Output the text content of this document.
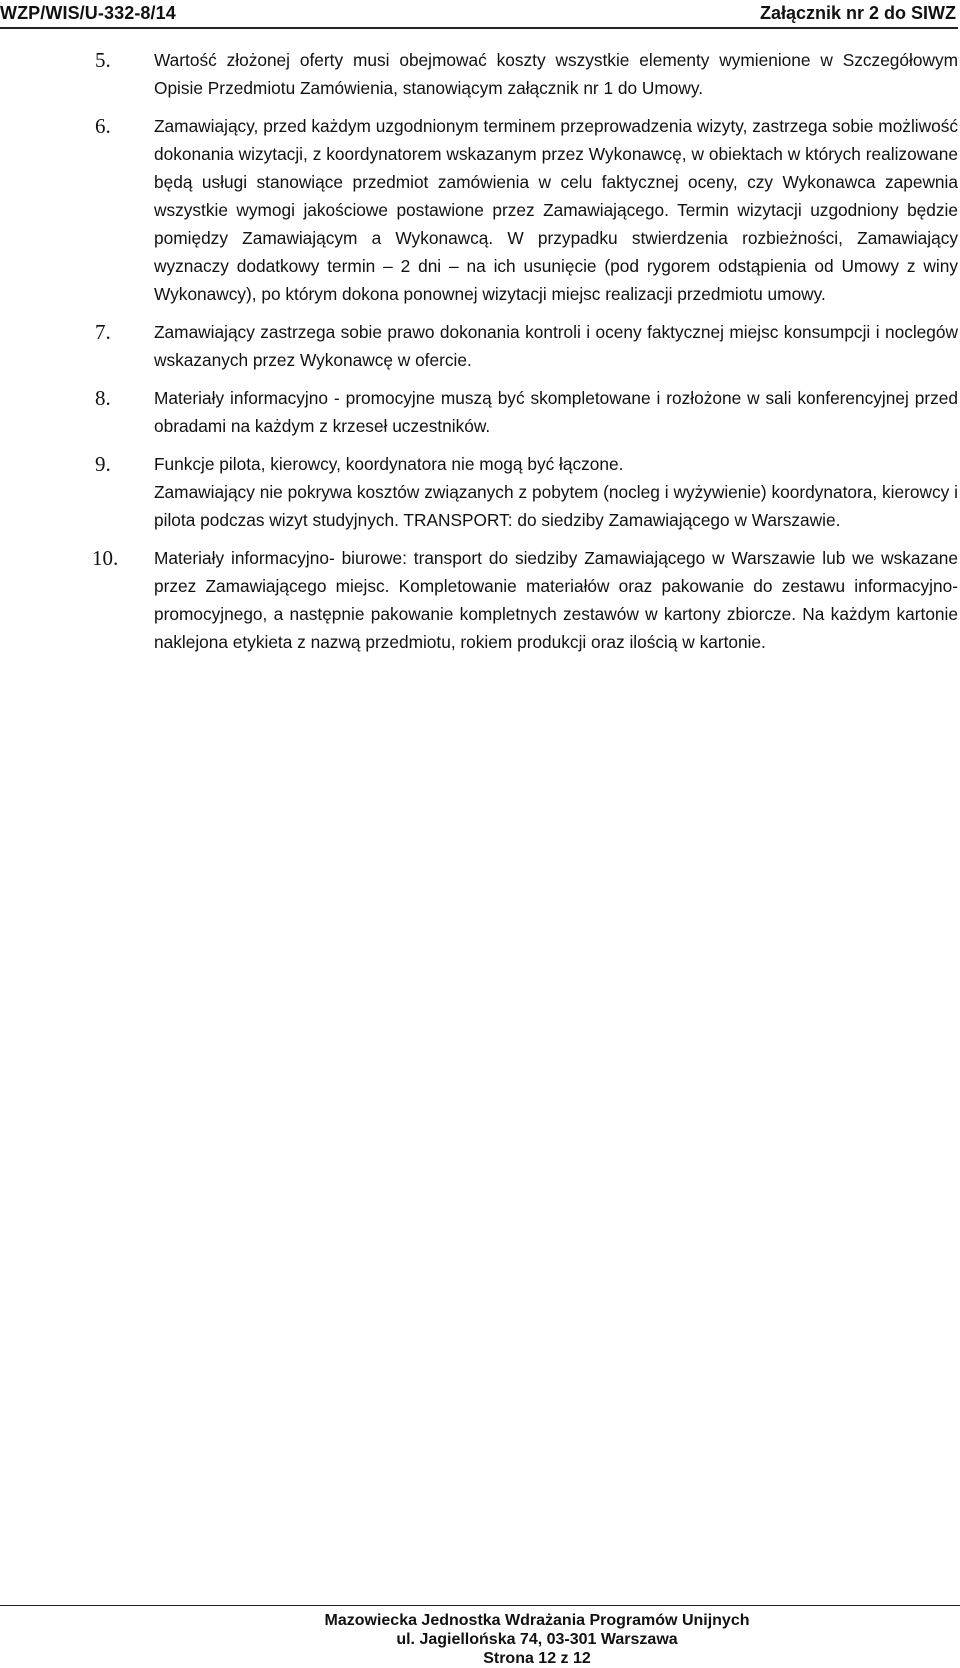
WZP/WIS/U-332-8/14	Załącznik nr 2 do SIWZ
5.	Wartość złożonej oferty musi obejmować koszty wszystkie elementy wymienione w Szczegółowym Opisie Przedmiotu Zamówienia, stanowiącym załącznik nr 1 do Umowy.

6.	Zamawiający, przed każdym uzgodnionym terminem przeprowadzenia wizyty, zastrzega sobie możliwość dokonania wizytacji, z koordynatorem wskazanym przez Wykonawcę, w obiektach w których realizowane będą usługi stanowiące przedmiot zamówienia w celu faktycznej oceny, czy Wykonawca zapewnia wszystkie wymogi jakościowe postawione przez Zamawiającego. Termin wizytacji uzgodniony będzie pomiędzy Zamawiającym a Wykonawcą. W przypadku stwierdzenia rozbieżności, Zamawiający wyznaczy dodatkowy termin – 2 dni – na ich usunięcie (pod rygorem odstąpienia od Umowy z winy Wykonawcy), po którym dokona ponownej wizytacji miejsc realizacji przedmiotu umowy.

7.	Zamawiający zastrzega sobie prawo dokonania kontroli i oceny faktycznej miejsc konsumpcji i noclegów wskazanych przez Wykonawcę w ofercie.

8.	Materiały informacyjno - promocyjne muszą być skompletowane i rozłożone w sali konferencyjnej przed obradami na każdym z krzeseł uczestników.

9.	Funkcje pilota, kierowcy, koordynatora nie mogą być łączone.

Zamawiający nie pokrywa kosztów związanych z pobytem (nocleg i wyżywienie) koordynatora, kierowcy i pilota podczas wizyt studyjnych. TRANSPORT: do siedziby Zamawiającego w Warszawie.

10. Materiały informacyjno- biurowe: transport do siedziby Zamawiającego w Warszawie lub we wskazane przez Zamawiającego miejsc. Kompletowanie materiałów oraz pakowanie do zestawu informacyjno-promocyjnego, a następnie pakowanie kompletnych zestawów w kartony zbiorcze. Na każdym kartonie naklejona etykieta z nazwą przedmiotu, rokiem produkcji oraz ilością w kartonie.

Mazowiecka Jednostka Wdrażania Programów Unijnych
ul. Jagiellońska 74, 03-301 Warszawa
Strona 12 z 12
